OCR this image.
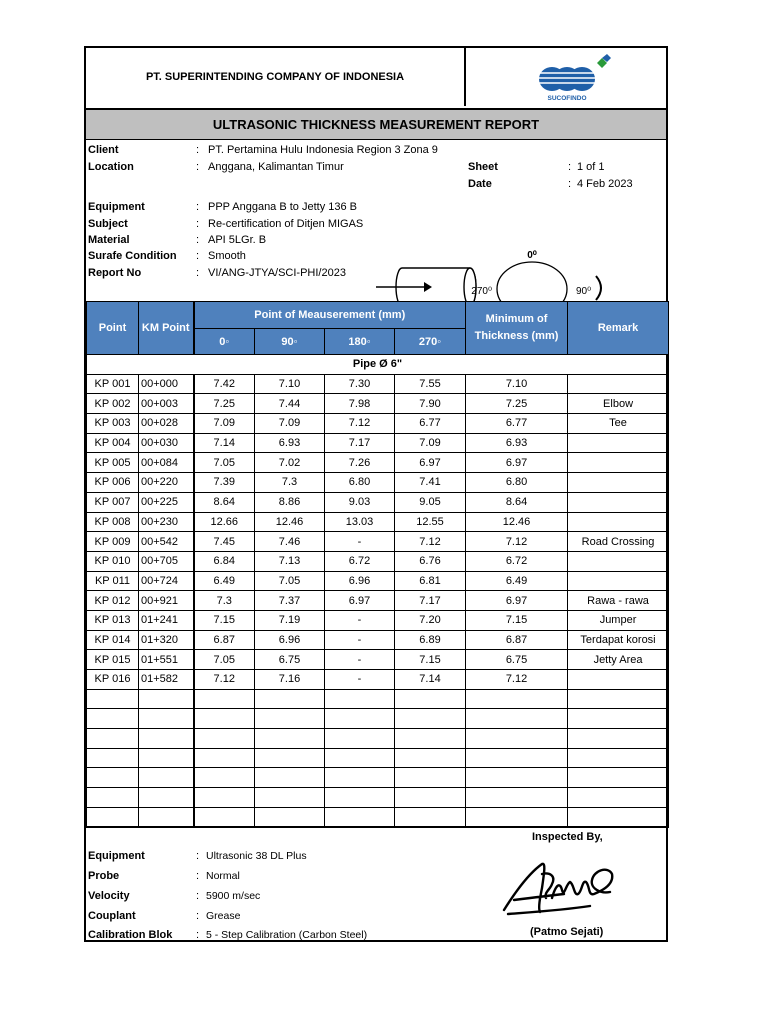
PT. SUPERINTENDING COMPANY OF INDONESIA
SUCOFINDO
ULTRASONIC THICKNESS MEASUREMENT REPORT
Client	: PT. Pertamina Hulu Indonesia Region 3 Zona 9
Location	: Anggana, Kalimantan Timur	Sheet	: 1 of 1
Date	: 4 Feb 2023
Equipment	: PPP Anggana B to Jetty 136 B
Subject	: Re-certification of Ditjen MIGAS
Material	: API 5LGr. B
Surafe Condition : Smooth
Report No	: VI/ANG-JTYA/SCI-PHI/2023
0⁰
270⁰	90⁰
Point	KM Point	Point of Meauserement (mm)				Minimum of Thickness (mm)	Remark
		0◦	90◦	180◦	270◦		
Pipe Ø 6"							
KP 001	00+000	7.42	7.10	7.30	7.55	7.10	
KP 002	00+003	7.25	7.44	7.98	7.90	7.25	Elbow
KP 003	00+028	7.09	7.09	7.12	6.77	6.77	Tee
KP 004	00+030	7.14	6.93	7.17	7.09	6.93	
KP 005	00+084	7.05	7.02	7.26	6.97	6.97	
KP 006	00+220	7.39	7.3	6.80	7.41	6.80	
KP 007	00+225	8.64	8.86	9.03	9.05	8.64	
KP 008	00+230	12.66	12.46	13.03	12.55	12.46	
KP 009	00+542	7.45	7.46	-	7.12	7.12	Road Crossing
KP 010	00+705	6.84	7.13	6.72	6.76	6.72	
KP 011	00+724	6.49	7.05	6.96	6.81	6.49	
KP 012	00+921	7.3	7.37	6.97	7.17	6.97	Rawa - rawa
KP 013	01+241	7.15	7.19	-	7.20	7.15	Jumper
KP 014	01+320	6.87	6.96	-	6.89	6.87	Terdapat korosi
KP 015	01+551	7.05	6.75	-	7.15	6.75	Jetty Area
KP 016	01+582	7.12	7.16	-	7.14	7.12	

Equipment	: Ultrasonic 38 DL Plus
Probe	: Normal
Velocity	: 5900 m/sec
Couplant	: Grease
Calibration Blok : 5 - Step Calibration (Carbon Steel)
Inspected By,
(Patmo Sejati)
